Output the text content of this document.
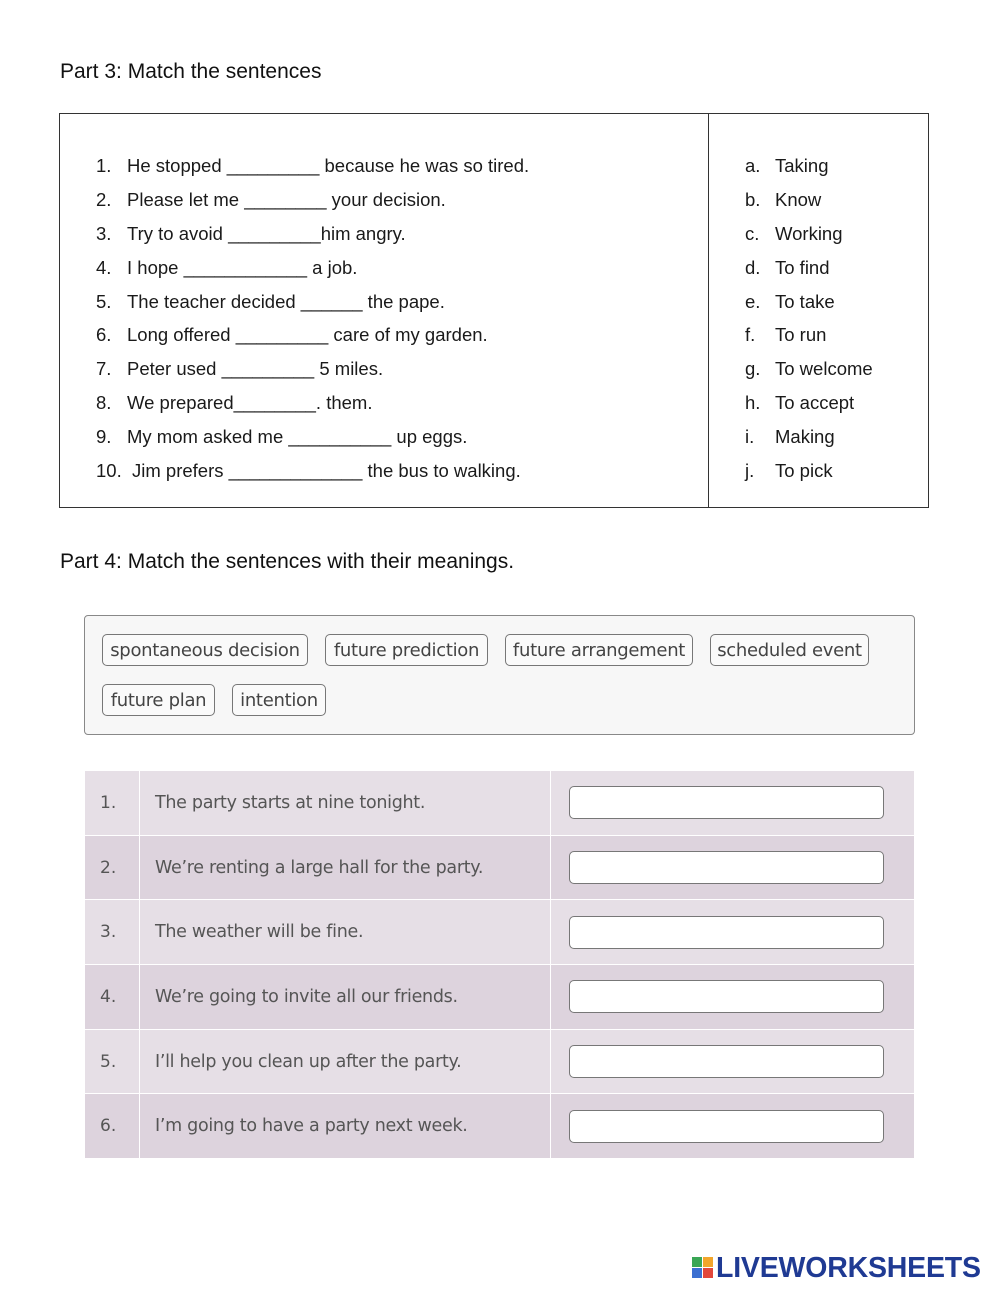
Part 3: Match the sentences
1. He stopped _________ because he was so tired.
2. Please let me ________ your decision.
3. Try to avoid _________him angry.
4. I hope ____________ a job.
5. The teacher decided ______ the pape.
6. Long offered _________ care of my garden.
7. Peter used _________ 5 miles.
8. We prepared________. them.
9. My mom asked me __________ up eggs.
10. Jim prefers _____________ the bus to walking.
a. Taking
b. Know
c. Working
d. To find
e. To take
f.	To run
g. To welcome
h. To accept
i.	Making
j.	To pick
Part 4: Match the sentences with their meanings.
spontaneous decision future prediction future arrangement scheduled event
future plan intention
1.	The party starts at nine tonight.
2.	We’re renting a large hall for the party.
3.	The weather will be fine.
4.	We’re going to invite all our friends.
5.	I’ll help you clean up after the party.
6.	I’m going to have a party next week.
LIVEWORKSHEETS
